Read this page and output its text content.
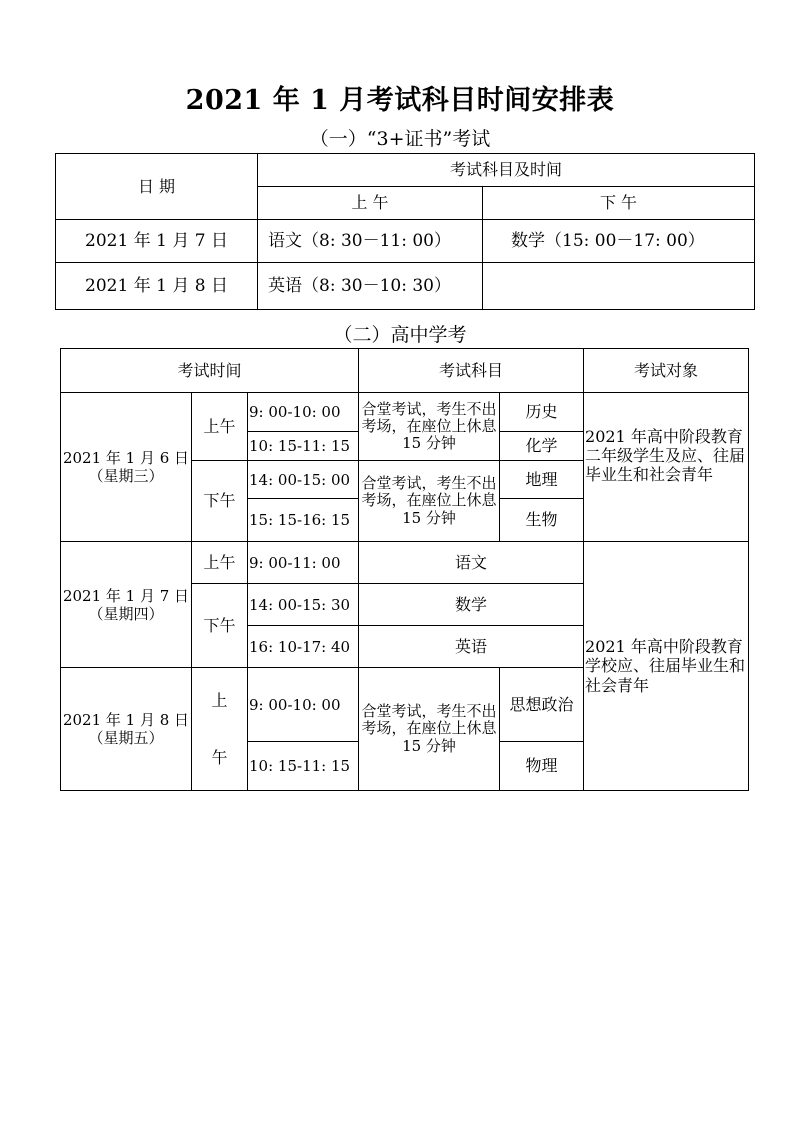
2021 年 1 月考试科目时间安排表
（一）“3+证书”考试
日 期	考试科目及时间	
	上 午	下 午
2021 年 1 月 7 日	语文（8: 30－11: 00）	数学（15: 00－17: 00）
2021 年 1 月 8 日	英语（8: 30－10: 30）	
（二）高中学考
考试时间			考试科目		考试对象

2021 年 1 月 6 日
（星期三）	上午	9: 00-10: 00	合堂考试，考生不出考场，在座位上休息 15 分钟	历史	2021 年高中阶段教育二年级学生及应、往届毕业生和社会青年
		10: 15-11: 15		化学	
	下午	14: 00-15: 00	合堂考试，考生不出考场，在座位上休息 15 分钟	地理	
		15: 15-16: 15		生物	

2021 年 1 月 7 日
（星期四）	上午	9: 00-11: 00	语文		2021 年高中阶段教育学校应、往届毕业生和社会青年
	下午	14: 00-15: 30	数学		
		16: 10-17: 40	英语		

2021 年 1 月 8 日
（星期五）	上
午	9: 00-10: 00	合堂考试，考生不出考场，在座位上休息 15 分钟	思想政治	
		10: 15-11: 15		物理	
